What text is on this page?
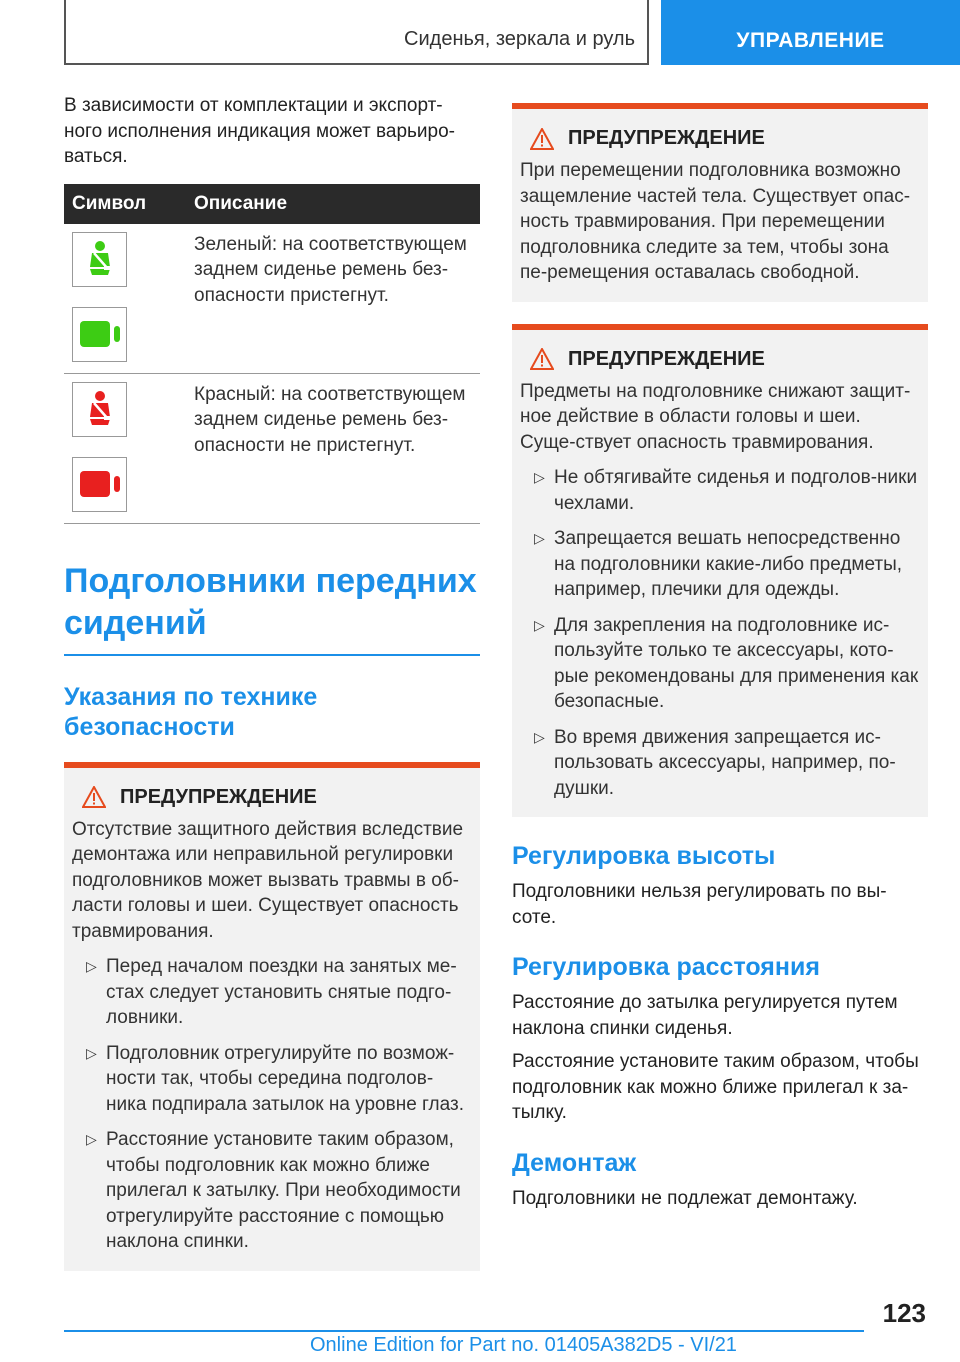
Сиденья, зеркала и руль	УПРАВЛЕНИЕ

В зависимости от комплектации и экспорт-ного исполнения индикация может варьиро-ваться.

Символ	Описание
Зеленый: на соответствующем заднем сиденье ремень без-опасности пристегнут.
Красный: на соответствующем заднем сиденье ремень без-опасности не пристегнут.
Подголовники передних сидений
Указания по технике безопасности
ПРЕДУПРЕЖДЕНИЕ
Отсутствие защитного действия вследствие демонтажа или неправильной регулировки подголовников может вызвать травмы в об-ласти головы и шеи. Существует опасность травмирования.
▷ Перед началом поездки на занятых ме-стах следует установить снятые подго-ловники.
▷ Подголовник отрегулируйте по возмож-ности так, чтобы середина подголов-ника подпирала затылок на уровне глаз.
▷ Расстояние установите таким образом, чтобы подголовник как можно ближе прилегал к затылку. При необходимости отрегулируйте расстояние с помощью наклона спинки.
ПРЕДУПРЕЖДЕНИЕ
При перемещении подголовника возможно защемление частей тела. Существует опас-ность травмирования. При перемещении подголовника следите за тем, чтобы зона пе-ремещения оставалась свободной.
ПРЕДУПРЕЖДЕНИЕ
Предметы на подголовнике снижают защит-ное действие в области головы и шеи. Суще-ствует опасность травмирования.
▷ Не обтягивайте сиденья и подголов-ники чехлами.
▷ Запрещается вешать непосредственно на подголовники какие-либо предметы, например, плечики для одежды.
▷ Для закрепления на подголовнике ис-пользуйте только те аксессуары, кото-рые рекомендованы для применения как безопасные.
▷ Во время движения запрещается ис-пользовать аксессуары, например, по-душки.
Регулировка высоты

Подголовники нельзя регулировать по вы-соте.

Регулировка расстояния

Расстояние до затылка регулируется путем наклона спинки сиденья.

Расстояние установите таким образом, чтобы подголовник как можно ближе прилегал к за-тылку.

Демонтаж

Подголовники не подлежат демонтажу.

123
Online Edition for Part no. 01405A382D5 - VI/21
